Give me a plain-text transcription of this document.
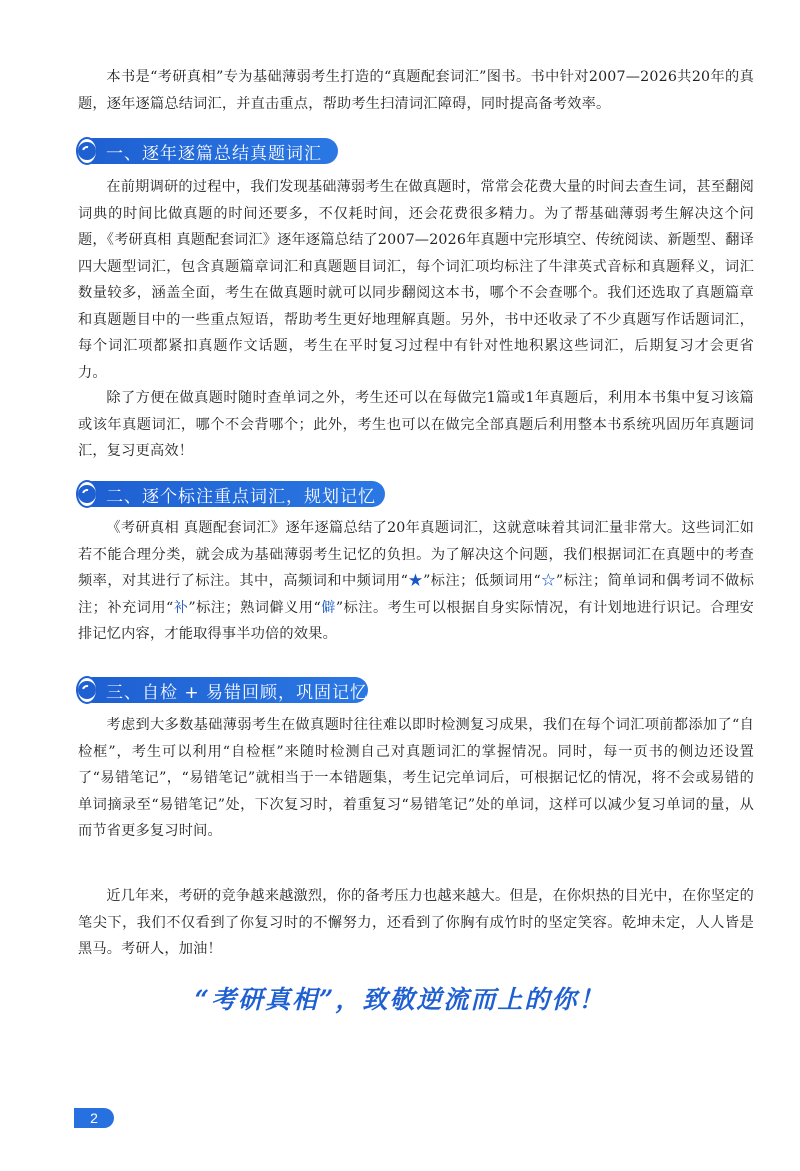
本书是“考研真相”专为基础薄弱考生打造的“真题配套词汇”图书。书中针对2007—2026共20年的真题，逐年逐篇总结词汇，并直击重点，帮助考生扫清词汇障碍，同时提高备考效率。

一、逐年逐篇总结真题词汇

在前期调研的过程中，我们发现基础薄弱考生在做真题时，常常会花费大量的时间去查生词，甚至翻阅词典的时间比做真题的时间还要多，不仅耗时间，还会花费很多精力。为了帮基础薄弱考生解决这个问题，《考研真相 真题配套词汇》逐年逐篇总结了2007—2026年真题中完形填空、传统阅读、新题型、翻译四大题型词汇，包含真题篇章词汇和真题题目词汇，每个词汇项均标注了牛津英式音标和真题释义，词汇数量较多，涵盖全面，考生在做真题时就可以同步翻阅这本书，哪个不会查哪个。我们还选取了真题篇章和真题题目中的一些重点短语，帮助考生更好地理解真题。另外，书中还收录了不少真题写作话题词汇，每个词汇项都紧扣真题作文话题，考生在平时复习过程中有针对性地积累这些词汇，后期复习才会更省力。

除了方便在做真题时随时查单词之外，考生还可以在每做完1篇或1年真题后，利用本书集中复习该篇或该年真题词汇，哪个不会背哪个；此外，考生也可以在做完全部真题后利用整本书系统巩固历年真题词汇，复习更高效！

二、逐个标注重点词汇，规划记忆

《考研真相 真题配套词汇》逐年逐篇总结了20年真题词汇，这就意味着其词汇量非常大。这些词汇如若不能合理分类，就会成为基础薄弱考生记忆的负担。为了解决这个问题，我们根据词汇在真题中的考查频率，对其进行了标注。其中，高频词和中频词用“★”标注；低频词用“☆”标注；简单词和偶考词不做标注；补充词用“补”标注；熟词僻义用“僻”标注。考生可以根据自身实际情况，有计划地进行识记。合理安排记忆内容，才能取得事半功倍的效果。

三、自检 + 易错回顾，巩固记忆

考虑到大多数基础薄弱考生在做真题时往往难以即时检测复习成果，我们在每个词汇项前都添加了“自检框”，考生可以利用“自检框”来随时检测自己对真题词汇的掌握情况。同时，每一页书的侧边还设置了“易错笔记”，“易错笔记”就相当于一本错题集，考生记完单词后，可根据记忆的情况，将不会或易错的单词摘录至“易错笔记”处，下次复习时，着重复习“易错笔记”处的单词，这样可以减少复习单词的量，从而节省更多复习时间。

近几年来，考研的竞争越来越激烈，你的备考压力也越来越大。但是，在你炽热的目光中，在你坚定的笔尖下，我们不仅看到了你复习时的不懈努力，还看到了你胸有成竹时的坚定笑容。乾坤未定，人人皆是黑马。考研人，加油！

“考研真相”，致敬逆流而上的你！
2
